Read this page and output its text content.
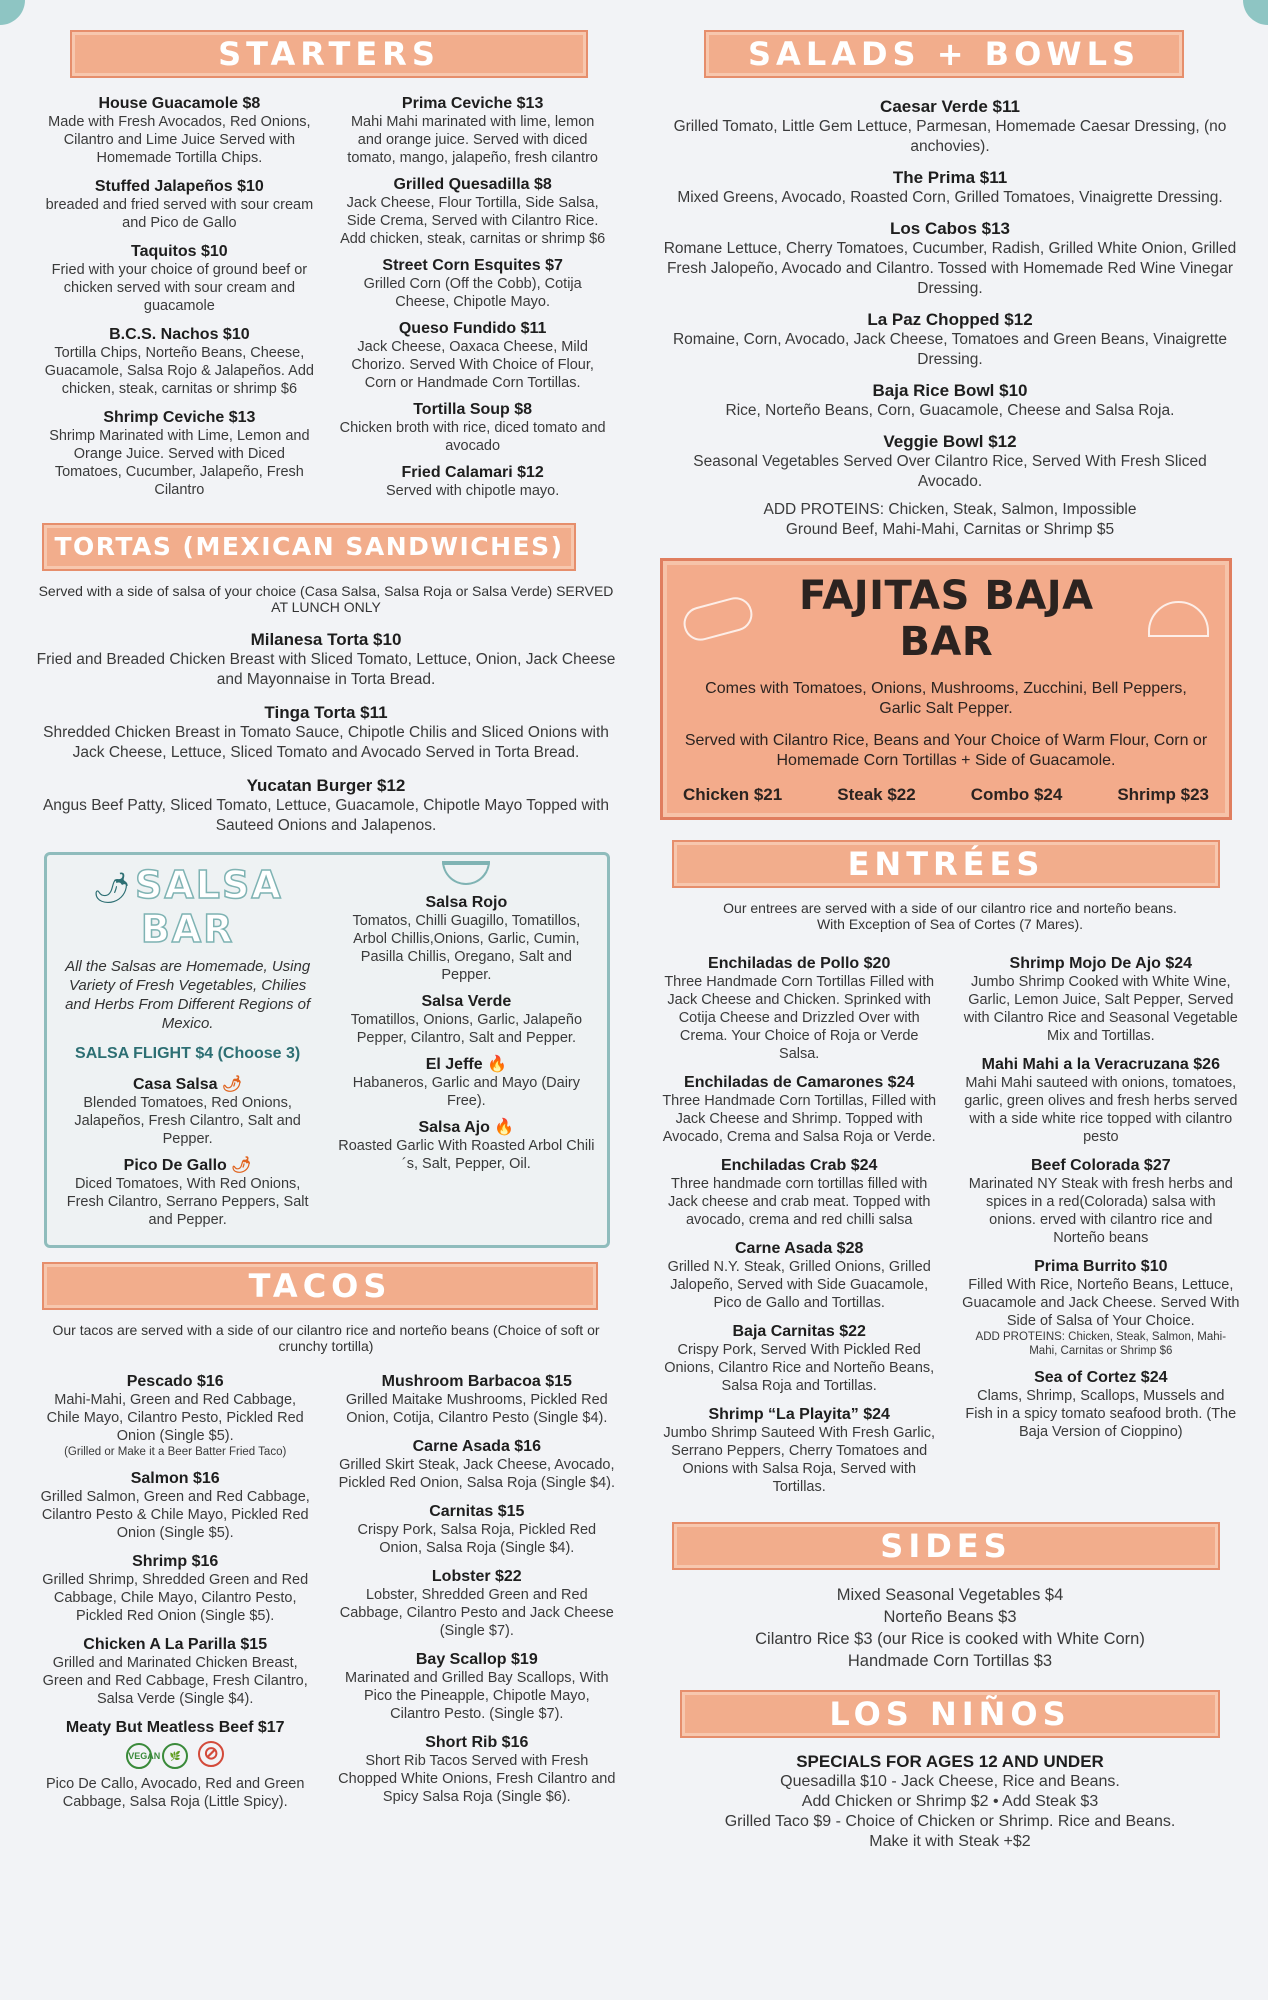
STARTERS
House Guacamole $8
Made with Fresh Avocados, Red Onions, Cilantro and Lime Juice Served with Homemade Tortilla Chips.
Stuffed Jalapeños $10
breaded and fried served with sour cream and Pico de Gallo
Taquitos $10
Fried with your choice of ground beef or chicken served with sour cream and guacamole
B.C.S. Nachos $10
Tortilla Chips, Norteño Beans, Cheese, Guacamole, Salsa Rojo & Jalapeños. Add chicken, steak, carnitas or shrimp $6
Shrimp Ceviche $13
Shrimp Marinated with Lime, Lemon and Orange Juice. Served with Diced Tomatoes, Cucumber, Jalapeño, Fresh Cilantro
Prima Ceviche $13
Mahi Mahi marinated with lime, lemon and orange juice. Served with diced tomato, mango, jalapeño, fresh cilantro
Grilled Quesadilla $8
Jack Cheese, Flour Tortilla, Side Salsa, Side Crema, Served with Cilantro Rice. Add chicken, steak, carnitas or shrimp $6
Street Corn Esquites $7
Grilled Corn (Off the Cobb), Cotija Cheese, Chipotle Mayo.
Queso Fundido $11
Jack Cheese, Oaxaca Cheese, Mild Chorizo. Served With Choice of Flour, Corn or Handmade Corn Tortillas.
Tortilla Soup $8
Chicken broth with rice, diced tomato and avocado
Fried Calamari $12
Served with chipotle mayo.
TORTAS (MEXICAN SANDWICHES)
Served with a side of salsa of your choice (Casa Salsa, Salsa Roja or Salsa Verde) SERVED AT LUNCH ONLY
Milanesa Torta $10
Fried and Breaded Chicken Breast with Sliced Tomato, Lettuce, Onion, Jack Cheese and Mayonnaise in Torta Bread.
Tinga Torta $11
Shredded Chicken Breast in Tomato Sauce, Chipotle Chilis and Sliced Onions with Jack Cheese, Lettuce, Sliced Tomato and Avocado Served in Torta Bread.
Yucatan Burger $12
Angus Beef Patty, Sliced Tomato, Lettuce, Guacamole, Chipotle Mayo Topped with Sauteed Onions and Jalapenos.
🌶 SALSA BAR
All the Salsas are Homemade, Using Variety of Fresh Vegetables, Chilies and Herbs From Different Regions of Mexico.
SALSA FLIGHT $4 (Choose 3)
Casa Salsa 🌶
Blended Tomatoes, Red Onions, Jalapeños, Fresh Cilantro, Salt and Pepper.
Pico De Gallo 🌶
Diced Tomatoes, With Red Onions, Fresh Cilantro, Serrano Peppers, Salt and Pepper.
Salsa Rojo
Tomatos, Chilli Guagillo, Tomatillos, Arbol Chillis,Onions, Garlic, Cumin, Pasilla Chillis, Oregano, Salt and Pepper.
Salsa Verde
Tomatillos, Onions, Garlic, Jalapeño Pepper, Cilantro, Salt and Pepper.
El Jeffe 🔥
Habaneros, Garlic and Mayo (Dairy Free).
Salsa Ajo 🔥
Roasted Garlic With Roasted Arbol Chili´s, Salt, Pepper, Oil.
TACOS
Our tacos are served with a side of our cilantro rice and norteño beans (Choice of soft or crunchy tortilla)
Pescado $16
Mahi-Mahi, Green and Red Cabbage, Chile Mayo, Cilantro Pesto, Pickled Red Onion (Single $5).
(Grilled or Make it a Beer Batter Fried Taco)
Salmon $16
Grilled Salmon, Green and Red Cabbage, Cilantro Pesto & Chile Mayo, Pickled Red Onion (Single $5).
Shrimp $16
Grilled Shrimp, Shredded Green and Red Cabbage, Chile Mayo, Cilantro Pesto, Pickled Red Onion (Single $5).
Chicken A La Parilla $15
Grilled and Marinated Chicken Breast, Green and Red Cabbage, Fresh Cilantro, Salsa Verde (Single $4).
Meaty But Meatless Beef $17
VEGAN 🌿 ⊘
Pico De Callo, Avocado, Red and Green Cabbage, Salsa Roja (Little Spicy).
Mushroom Barbacoa $15
Grilled Maitake Mushrooms, Pickled Red Onion, Cotija, Cilantro Pesto (Single $4).
Carne Asada $16
Grilled Skirt Steak, Jack Cheese, Avocado, Pickled Red Onion, Salsa Roja (Single $4).
Carnitas $15
Crispy Pork, Salsa Roja, Pickled Red Onion, Salsa Roja (Single $4).
Lobster $22
Lobster, Shredded Green and Red Cabbage, Cilantro Pesto and Jack Cheese (Single $7).
Bay Scallop $19
Marinated and Grilled Bay Scallops, With Pico the Pineapple, Chipotle Mayo, Cilantro Pesto. (Single $7).
Short Rib $16
Short Rib Tacos Served with Fresh Chopped White Onions, Fresh Cilantro and Spicy Salsa Roja (Single $6).
SALADS + BOWLS
Caesar Verde $11
Grilled Tomato, Little Gem Lettuce, Parmesan, Homemade Caesar Dressing, (no anchovies).
The Prima $11
Mixed Greens, Avocado, Roasted Corn, Grilled Tomatoes, Vinaigrette Dressing.
Los Cabos $13
Romane Lettuce, Cherry Tomatoes, Cucumber, Radish, Grilled White Onion, Grilled Fresh Jalopeño, Avocado and Cilantro. Tossed with Homemade Red Wine Vinegar Dressing.
La Paz Chopped $12
Romaine, Corn, Avocado, Jack Cheese, Tomatoes and Green Beans, Vinaigrette Dressing.
Baja Rice Bowl $10
Rice, Norteño Beans, Corn, Guacamole, Cheese and Salsa Roja.
Veggie Bowl $12
Seasonal Vegetables Served Over Cilantro Rice, Served With Fresh Sliced Avocado.
ADD PROTEINS: Chicken, Steak, Salmon, Impossible Ground Beef, Mahi-Mahi, Carnitas or Shrimp $5
FAJITAS BAJA BAR
Comes with Tomatoes, Onions, Mushrooms, Zucchini, Bell Peppers, Garlic Salt Pepper.
Served with Cilantro Rice, Beans and Your Choice of Warm Flour, Corn or Homemade Corn Tortillas + Side of Guacamole.
Chicken $21	Steak $22	Combo $24	Shrimp $23
ENTRÉES
Our entrees are served with a side of our cilantro rice and norteño beans. With Exception of Sea of Cortes (7 Mares).
Enchiladas de Pollo $20
Three Handmade Corn Tortillas Filled with Jack Cheese and Chicken. Sprinked with Cotija Cheese and Drizzled Over with Crema. Your Choice of Roja or Verde Salsa.
Enchiladas de Camarones $24
Three Handmade Corn Tortillas, Filled with Jack Cheese and Shrimp. Topped with Avocado, Crema and Salsa Roja or Verde.
Enchiladas Crab $24
Three handmade corn tortillas filled with Jack cheese and crab meat. Topped with avocado, crema and red chilli salsa
Carne Asada $28
Grilled N.Y. Steak, Grilled Onions, Grilled Jalopeño, Served with Side Guacamole, Pico de Gallo and Tortillas.
Baja Carnitas $22
Crispy Pork, Served With Pickled Red Onions, Cilantro Rice and Norteño Beans, Salsa Roja and Tortillas.
Shrimp “La Playita” $24
Jumbo Shrimp Sauteed With Fresh Garlic, Serrano Peppers, Cherry Tomatoes and Onions with Salsa Roja, Served with Tortillas.
Shrimp Mojo De Ajo $24
Jumbo Shrimp Cooked with White Wine, Garlic, Lemon Juice, Salt Pepper, Served with Cilantro Rice and Seasonal Vegetable Mix and Tortillas.
Mahi Mahi a la Veracruzana $26
Mahi Mahi sauteed with onions, tomatoes, garlic, green olives and fresh herbs served with a side white rice topped with cilantro pesto
Beef Colorada $27
Marinated NY Steak with fresh herbs and spices in a red(Colorada) salsa with onions. erved with cilantro rice and Norteño beans
Prima Burrito $10
Filled With Rice, Norteño Beans, Lettuce, Guacamole and Jack Cheese. Served With Side of Salsa of Your Choice.
ADD PROTEINS: Chicken, Steak, Salmon, Mahi-Mahi, Carnitas or Shrimp $6
Sea of Cortez $24
Clams, Shrimp, Scallops, Mussels and Fish in a spicy tomato seafood broth. (The Baja Version of Cioppino)
SIDES
Mixed Seasonal Vegetables $4
Norteño Beans $3
Cilantro Rice $3 (our Rice is cooked with White Corn)
Handmade Corn Tortillas $3
LOS NIÑOS
SPECIALS FOR AGES 12 AND UNDER
Quesadilla $10 - Jack Cheese, Rice and Beans.
Add Chicken or Shrimp $2 • Add Steak $3
Grilled Taco $9 - Choice of Chicken or Shrimp. Rice and Beans.
Make it with Steak +$2
